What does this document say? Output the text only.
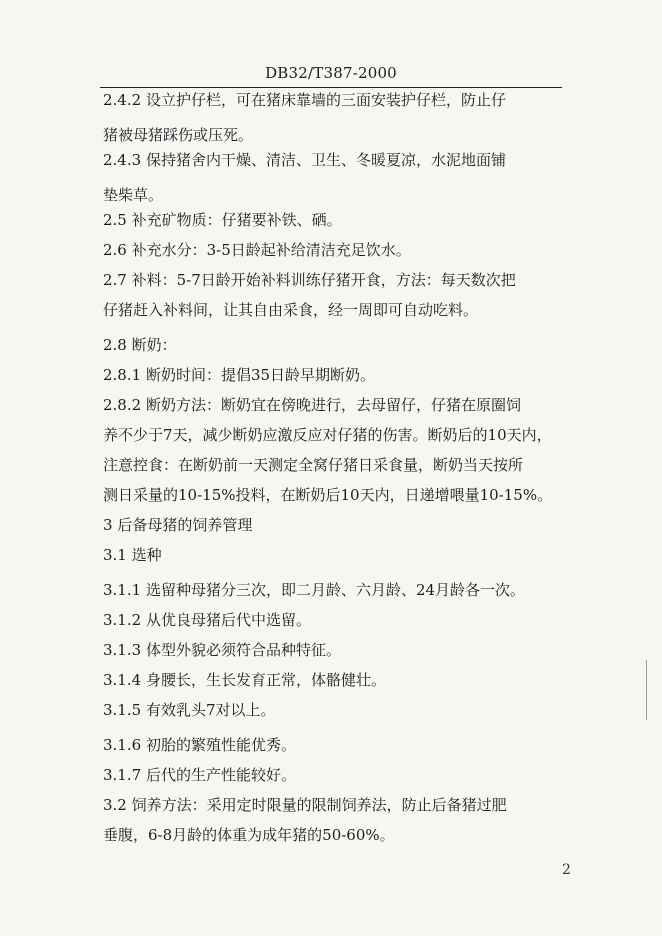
DB32/T387-2000
2.4.2 设立护仔栏，可在猪床靠墙的三面安装护仔栏，防止仔
猪被母猪踩伤或压死。
2.4.3 保持猪舍内干燥、清洁、卫生、冬暖夏凉，水泥地面铺
垫柴草。
2.5 补充矿物质：仔猪要补铁、硒。
2.6 补充水分：3-5日龄起补给清洁充足饮水。
2.7 补料：5-7日龄开始补料训练仔猪开食，方法：每天数次把
仔猪赶入补料间，让其自由采食，经一周即可自动吃料。
2.8 断奶：
2.8.1 断奶时间：提倡35日龄早期断奶。
2.8.2 断奶方法：断奶宜在傍晚进行，去母留仔，仔猪在原圈饲
养不少于7天，减少断奶应激反应对仔猪的伤害。断奶后的10天内，
注意控食：在断奶前一天测定全窝仔猪日采食量，断奶当天按所
测日采量的10-15%投料，在断奶后10天内，日递增喂量10-15%。
3 后备母猪的饲养管理
3.1 选种
3.1.1 选留种母猪分三次，即二月龄、六月龄、24月龄各一次。
3.1.2 从优良母猪后代中选留。
3.1.3 体型外貌必须符合品种特征。
3.1.4 身腰长，生长发育正常，体骼健壮。
3.1.5 有效乳头7对以上。
3.1.6 初胎的繁殖性能优秀。
3.1.7 后代的生产性能较好。
3.2 饲养方法：采用定时限量的限制饲养法，防止后备猪过肥
垂腹，6-8月龄的体重为成年猪的50-60%。
2
